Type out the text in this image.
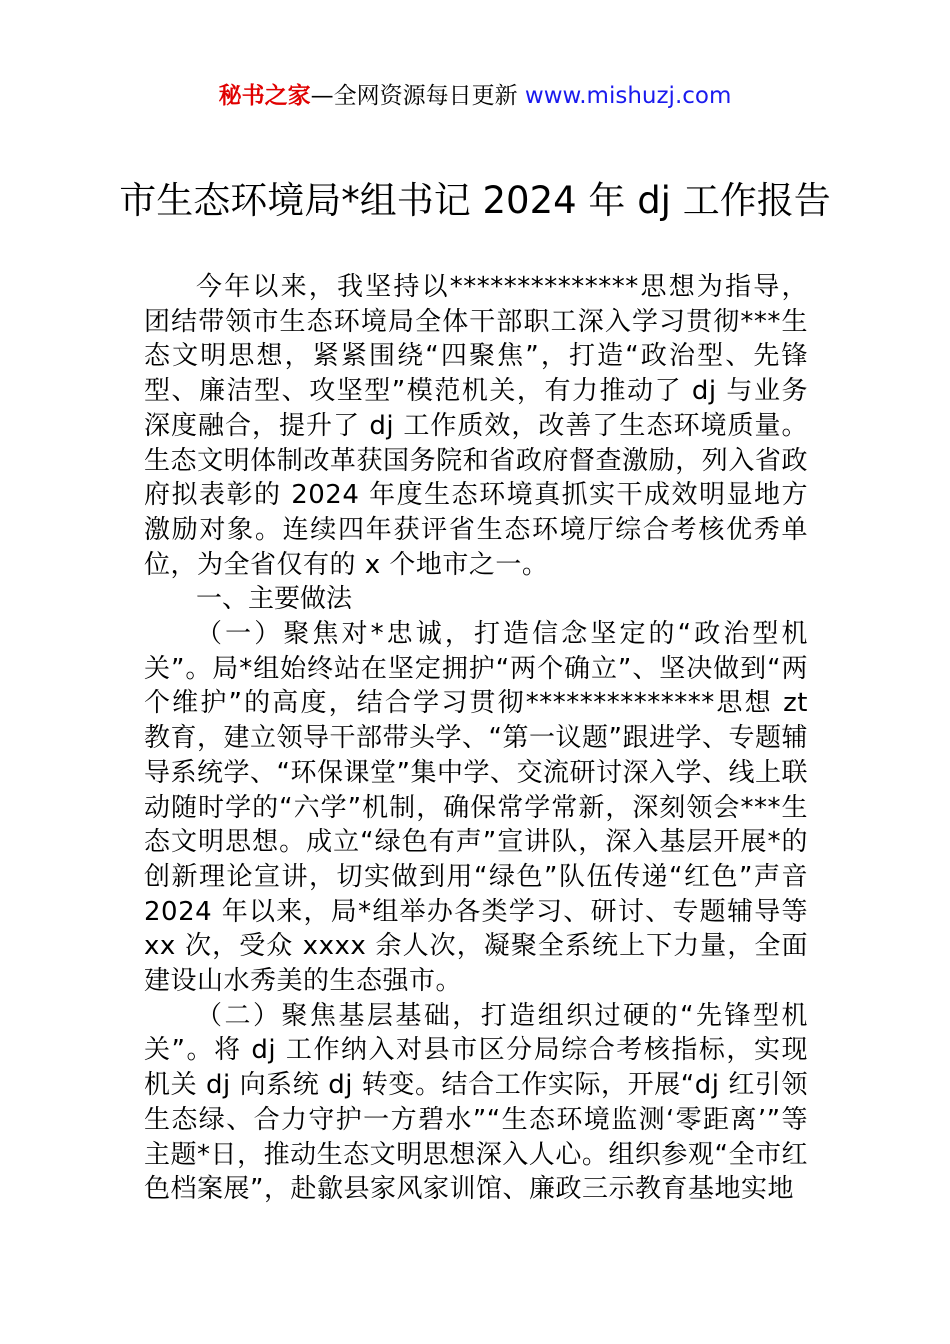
秘书之家—全网资源每日更新 www.mishuzj.com
市生态环境局*组书记 2024 年 dj 工作报告

今年以来，我坚持以**************思想为指导，团结带领市生态环境局全体干部职工深入学习贯彻***生态文明思想，紧紧围绕“四聚焦”，打造“政治型、先锋型、廉洁型、攻坚型”模范机关，有力推动了 dj 与业务深度融合，提升了 dj 工作质效，改善了生态环境质量。生态文明体制改革获国务院和省政府督查激励，列入省政府拟表彰的 2024 年度生态环境真抓实干成效明显地方激励对象。连续四年获评省生态环境厅综合考核优秀单位，为全省仅有的 x 个地市之一。

一、主要做法

（一）聚焦对*忠诚，打造信念坚定的“政治型机关”。局*组始终站在坚定拥护“两个确立”、坚决做到“两个维护”的高度，结合学习贯彻**************思想 zt 教育，建立领导干部带头学、“第一议题”跟进学、专题辅导系统学、“环保课堂”集中学、交流研讨深入学、线上联动随时学的“六学”机制，确保常学常新，深刻领会***生态文明思想。成立“绿色有声”宣讲队，深入基层开展*的创新理论宣讲，切实做到用“绿色”队伍传递“红色”声音 2024 年以来，局*组举办各类学习、研讨、专题辅导等 xx 次，受众 xxxx 余人次，凝聚全系统上下力量，全面建设山水秀美的生态强市。

（二）聚焦基层基础，打造组织过硬的“先锋型机关”。将 dj 工作纳入对县市区分局综合考核指标，实现机关 dj 向系统 dj 转变。结合工作实际，开展“dj 红引领生态绿、合力守护一方碧水”“生态环境监测‘零距离’”等主题*日，推动生态文明思想深入人心。组织参观“全市红色档案展”，赴歙县家风家训馆、廉政三示教育基地实地
